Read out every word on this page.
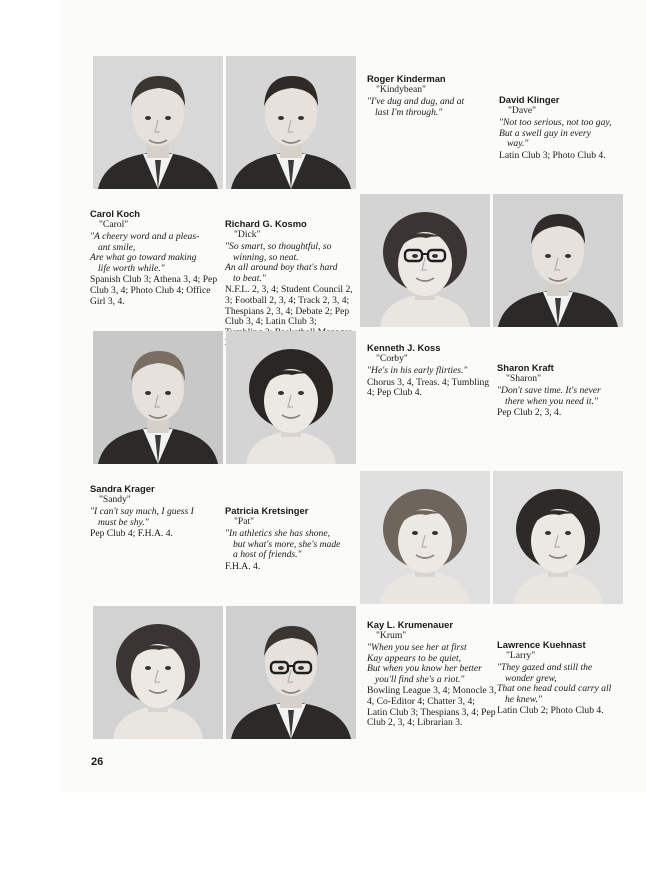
Roger Kinderman
"Kindybean"
"I've dug and dug, and at
last I'm through."
David Klinger
"Dave"
"Not too serious, not too gay,
But a swell guy in every
way."
Latin Club 3; Photo Club 4.
Carol Koch
"Carol"
"A cheery word and a pleas-
ant smile,
Are what go toward making
life worth while."
Spanish Club 3; Athena 3, 4; Pep Club 3, 4; Photo Club 4; Office Girl 3, 4.
Richard G. Kosmo
"Dick"
"So smart, so thoughtful, so
winning, so neat.
An all around boy that's hard
to beat."
N.F.L. 2, 3, 4; Student Council 2, 3; Football 2, 3, 4; Track 2, 3, 4; Thespians 2, 3, 4; Debate 2; Pep Club 3, 4; Latin Club 3;
Kenneth J. Koss
"Corby"
"He's in his early flirties."
Chorus 3, 4, Treas. 4; Tumbling 4; Pep Club 4.
Sharon Kraft
"Sharon"
"Don't save time. It's never
there when you need it."
Pep Club 2, 3, 4.
Sandra Krager
"Sandy"
"I can't say much, I guess I
must be shy."
Pep Club 4; F.H.A. 4.
Patricia Kretsinger
"Pat"
"In athletics she has shone,
but what's more, she's made
a host of friends."
F.H.A. 4.
Kay L. Krumenauer
"Krum"
"When you see her at first
Kay appears to be quiet,
But when you know her better
you'll find she's a riot."
Bowling League 3, 4; Monocle 3, 4, Co-Editor 4; Chatter 3, 4; Latin Club 3; Thespians 3, 4; Pep Club 2, 3, 4; Librarian 3.
Lawrence Kuehnast
"Larry"
"They gazed and still the
wonder grew,
That one head could carry all
he knew."
Latin Club 2; Photo Club 4.
26
